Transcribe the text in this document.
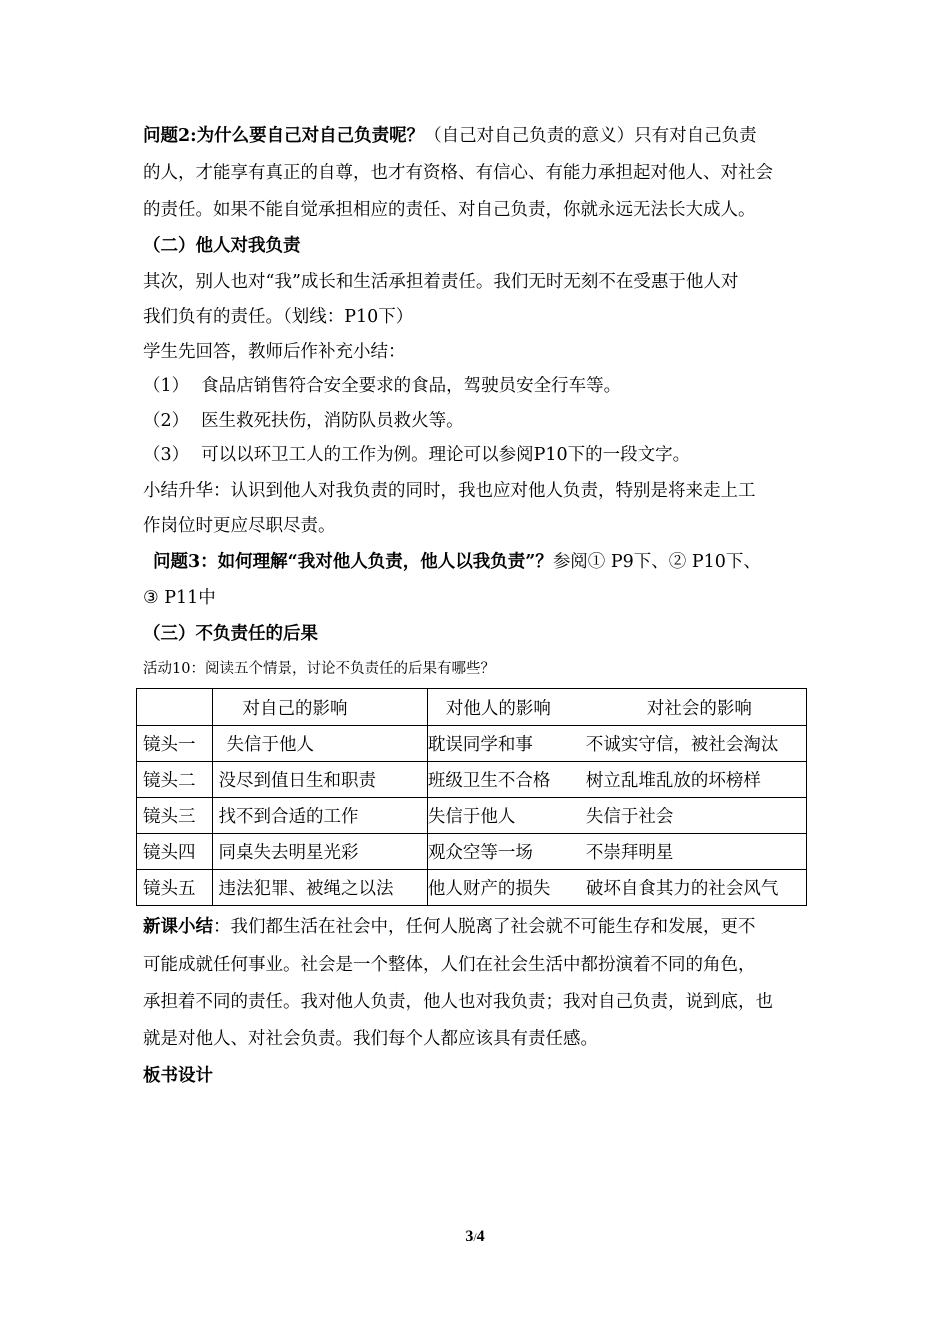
问题2:为什么要自己对自己负责呢？（自己对自己负责的意义）只有对自己负责
的人，才能享有真正的自尊，也才有资格、有信心、有能力承担起对他人、对社会
的责任。如果不能自觉承担相应的责任、对自己负责，你就永远无法长大成人。
（二）他人对我负责
其次，别人也对“我”成长和生活承担着责任。我们无时无刻不在受惠于他人对
我们负有的责任。（划线：P10下）
学生先回答，教师后作补充小结：
（1） 食品店销售符合安全要求的食品，驾驶员安全行车等。
（2） 医生救死扶伤，消防队员救火等。
（3） 可以以环卫工人的工作为例。理论可以参阅P10下的一段文字。
小结升华：认识到他人对我负责的同时，我也应对他人负责，特别是将来走上工
作岗位时更应尽职尽责。
问题3：如何理解“我对他人负责，他人以我负责”？参阅① P9下、② P10下、
③ P11中
（三）不负责任的后果
活动10：阅读五个情景，讨论不负责任的后果有哪些？
	对自己的影响	对他人的影响 对社会的影响
镜头一	失信于他人	耽误同学和事 不诚实守信，被社会淘汰
镜头二	没尽到值日生和职责	班级卫生不合格 树立乱堆乱放的坏榜样
镜头三	找不到合适的工作	失信于他人 失信于社会
镜头四	同桌失去明星光彩	观众空等一场 不崇拜明星
镜头五	违法犯罪、被绳之以法	他人财产的损失 破坏自食其力的社会风气
新课小结：我们都生活在社会中，任何人脱离了社会就不可能生存和发展，更不
可能成就任何事业。社会是一个整体，人们在社会生活中都扮演着不同的角色，
承担着不同的责任。我对他人负责，他人也对我负责；我对自己负责，说到底，也
就是对他人、对社会负责。我们每个人都应该具有责任感。
板书设计
3/4
